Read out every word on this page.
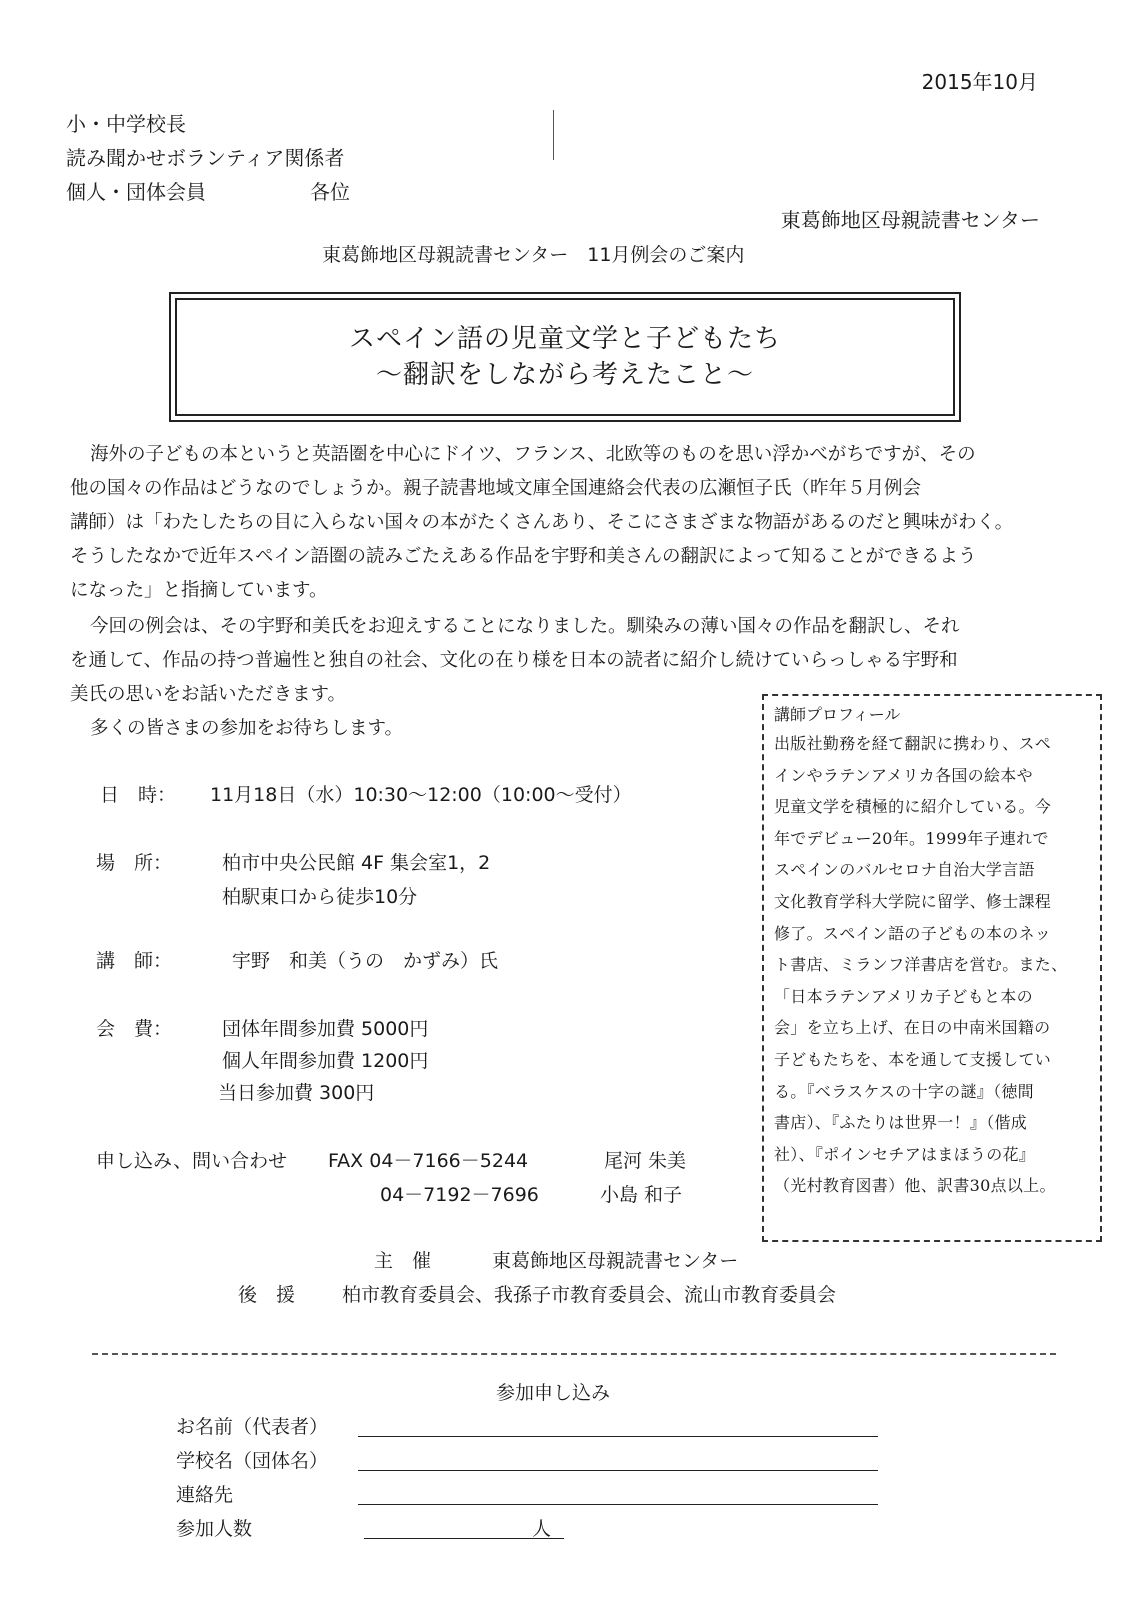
2015年10月
小・中学校長
読み聞かせボランティア関係者
個人・団体会員	各位
東葛飾地区母親読書センター
東葛飾地区母親読書センター　11月例会のご案内
スペイン語の児童文学と子どもたち
～翻訳をしながら考えたこと～
海外の子どもの本というと英語圏を中心にドイツ、フランス、北欧等のものを思い浮かべがちですが、その
他の国々の作品はどうなのでしょうか。親子読書地域文庫全国連絡会代表の広瀬恒子氏（昨年５月例会
講師）は「わたしたちの目に入らない国々の本がたくさんあり、そこにさまざまな物語があるのだと興味がわく。
そうしたなかで近年スペイン語圏の読みごたえある作品を宇野和美さんの翻訳によって知ることができるよう
になった」と指摘しています。
今回の例会は、その宇野和美氏をお迎えすることになりました。馴染みの薄い国々の作品を翻訳し、それ
を通して、作品の持つ普遍性と独自の社会、文化の在り様を日本の読者に紹介し続けていらっしゃる宇野和
美氏の思いをお話いただきます。
多くの皆さまの参加をお待ちします。
日　時： 11月18日（水）10:30～12:00（10:00～受付）
場　所：	柏市中央公民館 4F 集会室1，2
柏駅東口から徒歩10分
講　師：	宇野　和美（うの　かずみ）氏
会　費：	団体年間参加費 5000円
個人年間参加費 1200円
当日参加費 300円
申し込み、問い合わせ FAX 04－7166－5244	尾河 朱美
04－7192－7696	小島 和子
講師プロフィール
出版社勤務を経て翻訳に携わり、スペ
インやラテンアメリカ各国の絵本や
児童文学を積極的に紹介している。今
年でデビュー20年。1999年子連れで
スペインのバルセロナ自治大学言語
文化教育学科大学院に留学、修士課程
修了。スペイン語の子どもの本のネッ
ト書店、ミランフ洋書店を営む。また、
「日本ラテンアメリカ子どもと本の
会」を立ち上げ、在日の中南米国籍の
子どもたちを、本を通して支援してい
る。『ベラスケスの十字の謎』（徳間
書店）、『ふたりは世界一！』（偕成
社）、『ポインセチアはまほうの花』
（光村教育図書）他、訳書30点以上。
主　催	東葛飾地区母親読書センター
後　援 柏市教育委員会、我孫子市教育委員会、流山市教育委員会
参加申し込み
お名前（代表者）
学校名（団体名）
連絡先
参加人数	人
